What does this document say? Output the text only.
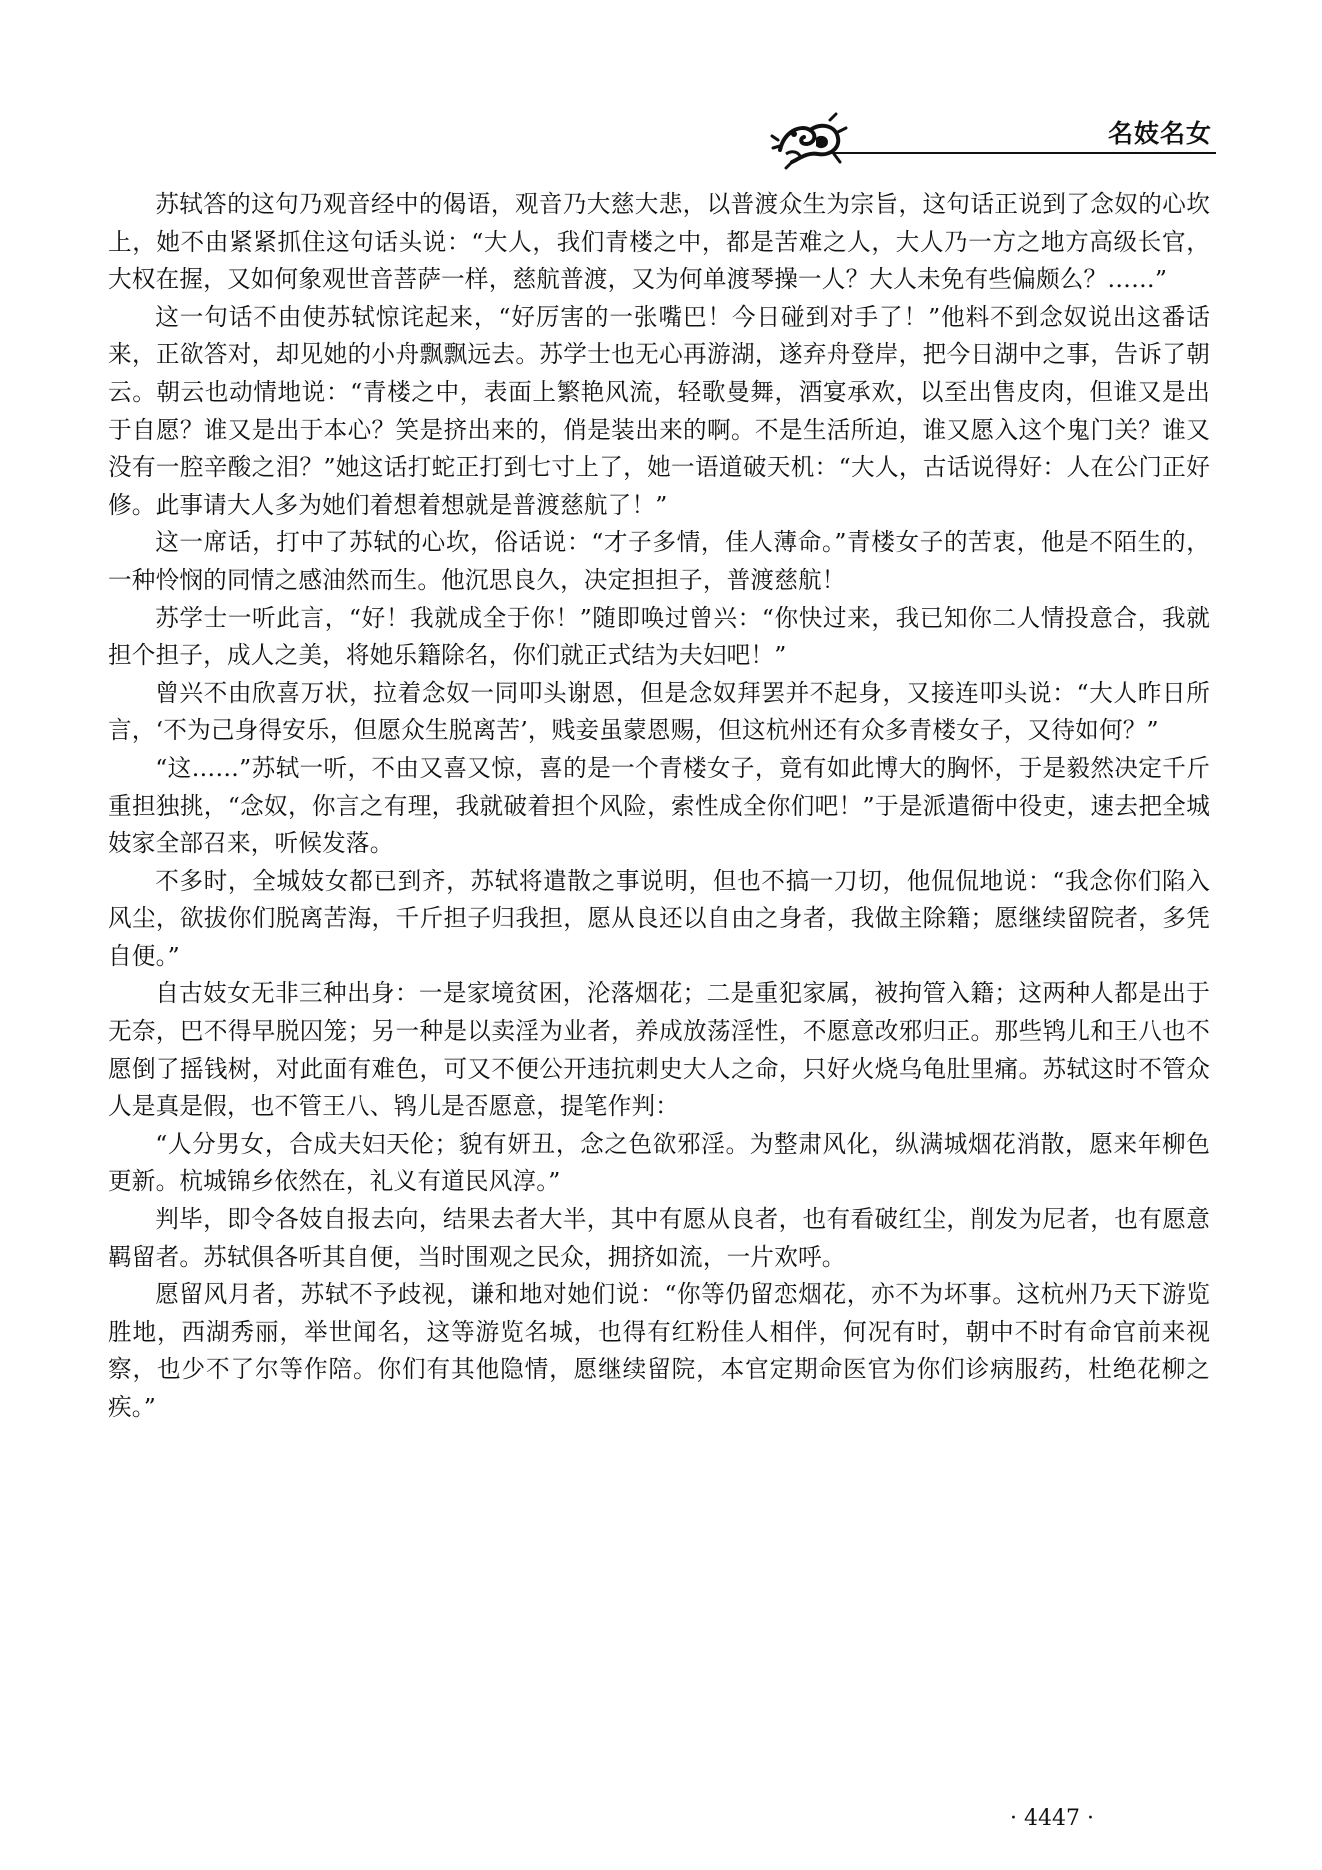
名妓名女

苏轼答的这句乃观音经中的偈语，观音乃大慈大悲，以普渡众生为宗旨，这句话正说到了念奴的心坎上，她不由紧紧抓住这句话头说：“大人，我们青楼之中，都是苦难之人，大人乃一方之地方高级长官，大权在握，又如何象观世音菩萨一样，慈航普渡，又为何单渡琴操一人？大人未免有些偏颇么？……”

这一句话不由使苏轼惊诧起来，“好厉害的一张嘴巴！今日碰到对手了！”他料不到念奴说出这番话来，正欲答对，却见她的小舟飘飘远去。苏学士也无心再游湖，遂弃舟登岸，把今日湖中之事，告诉了朝云。朝云也动情地说：“青楼之中，表面上繁艳风流，轻歌曼舞，酒宴承欢，以至出售皮肉，但谁又是出于自愿？谁又是出于本心？笑是挤出来的，俏是装出来的啊。不是生活所迫，谁又愿入这个鬼门关？谁又没有一腔辛酸之泪？”她这话打蛇正打到七寸上了，她一语道破天机：“大人，古话说得好：人在公门正好修。此事请大人多为她们着想着想就是普渡慈航了！”

这一席话，打中了苏轼的心坎，俗话说：“才子多情，佳人薄命。”青楼女子的苦衷，他是不陌生的，一种怜悯的同情之感油然而生。他沉思良久，决定担担子，普渡慈航！

苏学士一听此言，“好！我就成全于你！”随即唤过曾兴：“你快过来，我已知你二人情投意合，我就担个担子，成人之美，将她乐籍除名，你们就正式结为夫妇吧！”

曾兴不由欣喜万状，拉着念奴一同叩头谢恩，但是念奴拜罢并不起身，又接连叩头说：“大人昨日所言，‘不为己身得安乐，但愿众生脱离苦’，贱妾虽蒙恩赐，但这杭州还有众多青楼女子，又待如何？”

“这……”苏轼一听，不由又喜又惊，喜的是一个青楼女子，竟有如此博大的胸怀，于是毅然决定千斤重担独挑，“念奴，你言之有理，我就破着担个风险，索性成全你们吧！”于是派遣衙中役吏，速去把全城妓家全部召来，听候发落。

不多时，全城妓女都已到齐，苏轼将遣散之事说明，但也不搞一刀切，他侃侃地说：“我念你们陷入风尘，欲拔你们脱离苦海，千斤担子归我担，愿从良还以自由之身者，我做主除籍；愿继续留院者，多凭自便。”

自古妓女无非三种出身：一是家境贫困，沦落烟花；二是重犯家属，被拘管入籍；这两种人都是出于无奈，巴不得早脱囚笼；另一种是以卖淫为业者，养成放荡淫性，不愿意改邪归正。那些鸨儿和王八也不愿倒了摇钱树，对此面有难色，可又不便公开违抗刺史大人之命，只好火烧乌龟肚里痛。苏轼这时不管众人是真是假，也不管王八、鸨儿是否愿意，提笔作判：

“人分男女，合成夫妇天伦；貌有妍丑，念之色欲邪淫。为整肃风化，纵满城烟花消散，愿来年柳色更新。杭城锦乡依然在，礼义有道民风淳。”

判毕，即令各妓自报去向，结果去者大半，其中有愿从良者，也有看破红尘，削发为尼者，也有愿意羁留者。苏轼俱各听其自便，当时围观之民众，拥挤如流，一片欢呼。

愿留风月者，苏轼不予歧视，谦和地对她们说：“你等仍留恋烟花，亦不为坏事。这杭州乃天下游览胜地，西湖秀丽，举世闻名，这等游览名城，也得有红粉佳人相伴，何况有时，朝中不时有命官前来视察，也少不了尔等作陪。你们有其他隐情，愿继续留院，本官定期命医官为你们诊病服药，杜绝花柳之疾。”

· 4447 ·
